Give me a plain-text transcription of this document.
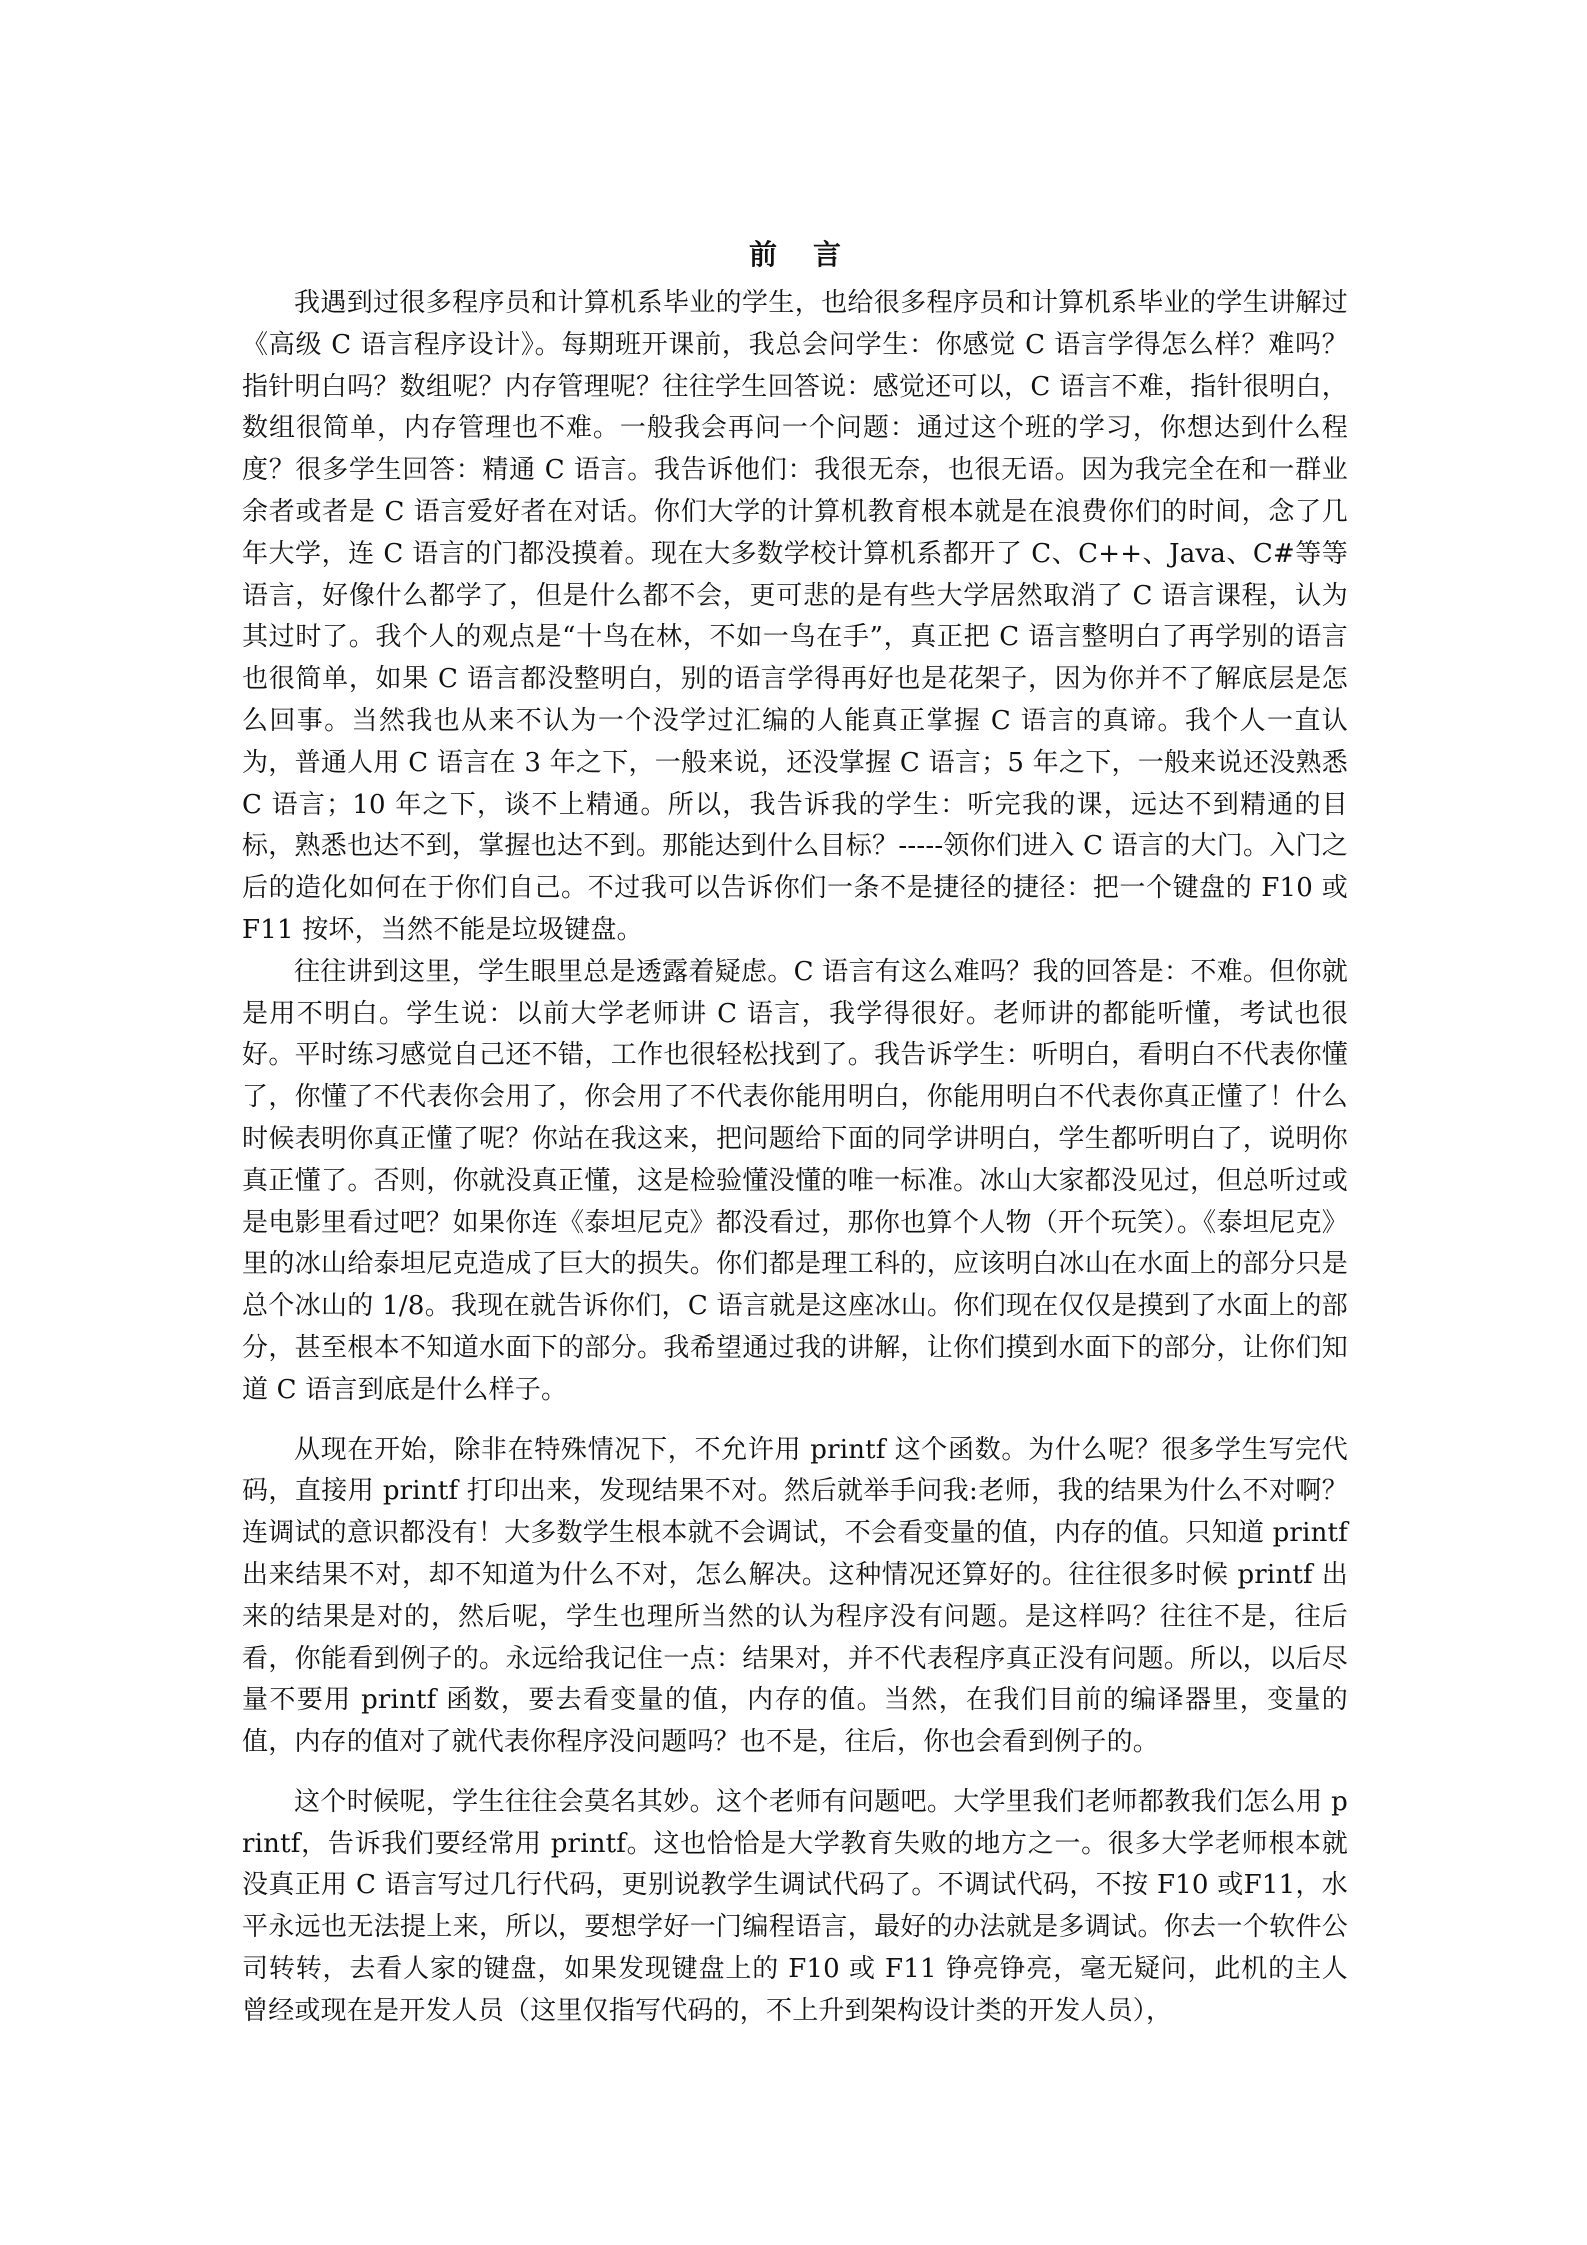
前言

我遇到过很多程序员和计算机系毕业的学生，也给很多程序员和计算机系毕业的学生讲解过《高级 C 语言程序设计》。每期班开课前，我总会问学生：你感觉 C 语言学得怎么样？难吗？指针明白吗？数组呢？内存管理呢？往往学生回答说：感觉还可以，C 语言不难，指针很明白，数组很简单，内存管理也不难。一般我会再问一个问题：通过这个班的学习，你想达到什么程度？很多学生回答：精通 C 语言。我告诉他们：我很无奈，也很无语。因为我完全在和一群业余者或者是 C 语言爱好者在对话。你们大学的计算机教育根本就是在浪费你们的时间，念了几年大学，连 C 语言的门都没摸着。现在大多数学校计算机系都开了 C、C++、Java、C#等等语言，好像什么都学了，但是什么都不会，更可悲的是有些大学居然取消了 C 语言课程，认为其过时了。我个人的观点是“十鸟在林，不如一鸟在手”，真正把 C 语言整明白了再学别的语言也很简单，如果 C 语言都没整明白，别的语言学得再好也是花架子，因为你并不了解底层是怎么回事。当然我也从来不认为一个没学过汇编的人能真正掌握 C 语言的真谛。我个人一直认为，普通人用 C 语言在 3 年之下，一般来说，还没掌握 C 语言；5 年之下，一般来说还没熟悉 C 语言；10 年之下，谈不上精通。所以，我告诉我的学生：听完我的课，远达不到精通的目标，熟悉也达不到，掌握也达不到。那能达到什么目标？-----领你们进入 C 语言的大门。入门之后的造化如何在于你们自己。不过我可以告诉你们一条不是捷径的捷径：把一个键盘的 F10 或 F11 按坏，当然不能是垃圾键盘。

往往讲到这里，学生眼里总是透露着疑虑。C 语言有这么难吗？我的回答是：不难。但你就是用不明白。学生说：以前大学老师讲 C 语言，我学得很好。老师讲的都能听懂，考试也很好。平时练习感觉自己还不错，工作也很轻松找到了。我告诉学生：听明白，看明白不代表你懂了，你懂了不代表你会用了，你会用了不代表你能用明白，你能用明白不代表你真正懂了！什么时候表明你真正懂了呢？你站在我这来，把问题给下面的同学讲明白，学生都听明白了，说明你真正懂了。否则，你就没真正懂，这是检验懂没懂的唯一标准。冰山大家都没见过，但总听过或是电影里看过吧？如果你连《泰坦尼克》都没看过，那你也算个人物（开个玩笑）。《泰坦尼克》里的冰山给泰坦尼克造成了巨大的损失。你们都是理工科的，应该明白冰山在水面上的部分只是总个冰山的 1/8。我现在就告诉你们，C 语言就是这座冰山。你们现在仅仅是摸到了水面上的部分，甚至根本不知道水面下的部分。我希望通过我的讲解，让你们摸到水面下的部分，让你们知道 C 语言到底是什么样子。

从现在开始，除非在特殊情况下，不允许用 printf 这个函数。为什么呢？很多学生写完代码，直接用 printf 打印出来，发现结果不对。然后就举手问我:老师，我的结果为什么不对啊？连调试的意识都没有！大多数学生根本就不会调试，不会看变量的值，内存的值。只知道 printf 出来结果不对，却不知道为什么不对，怎么解决。这种情况还算好的。往往很多时候 printf 出来的结果是对的，然后呢，学生也理所当然的认为程序没有问题。是这样吗？往往不是，往后看，你能看到例子的。永远给我记住一点：结果对，并不代表程序真正没有问题。所以，以后尽量不要用 printf 函数，要去看变量的值，内存的值。当然，在我们目前的编译器里，变量的值，内存的值对了就代表你程序没问题吗？也不是，往后，你也会看到例子的。

这个时候呢，学生往往会莫名其妙。这个老师有问题吧。大学里我们老师都教我们怎么用 printf，告诉我们要经常用 printf。这也恰恰是大学教育失败的地方之一。很多大学老师根本就没真正用 C 语言写过几行代码，更别说教学生调试代码了。不调试代码，不按 F10 或F11，水平永远也无法提上来，所以，要想学好一门编程语言，最好的办法就是多调试。你去一个软件公司转转，去看人家的键盘，如果发现键盘上的 F10 或 F11 铮亮铮亮，毫无疑问，此机的主人曾经或现在是开发人员（这里仅指写代码的，不上升到架构设计类的开发人员），
